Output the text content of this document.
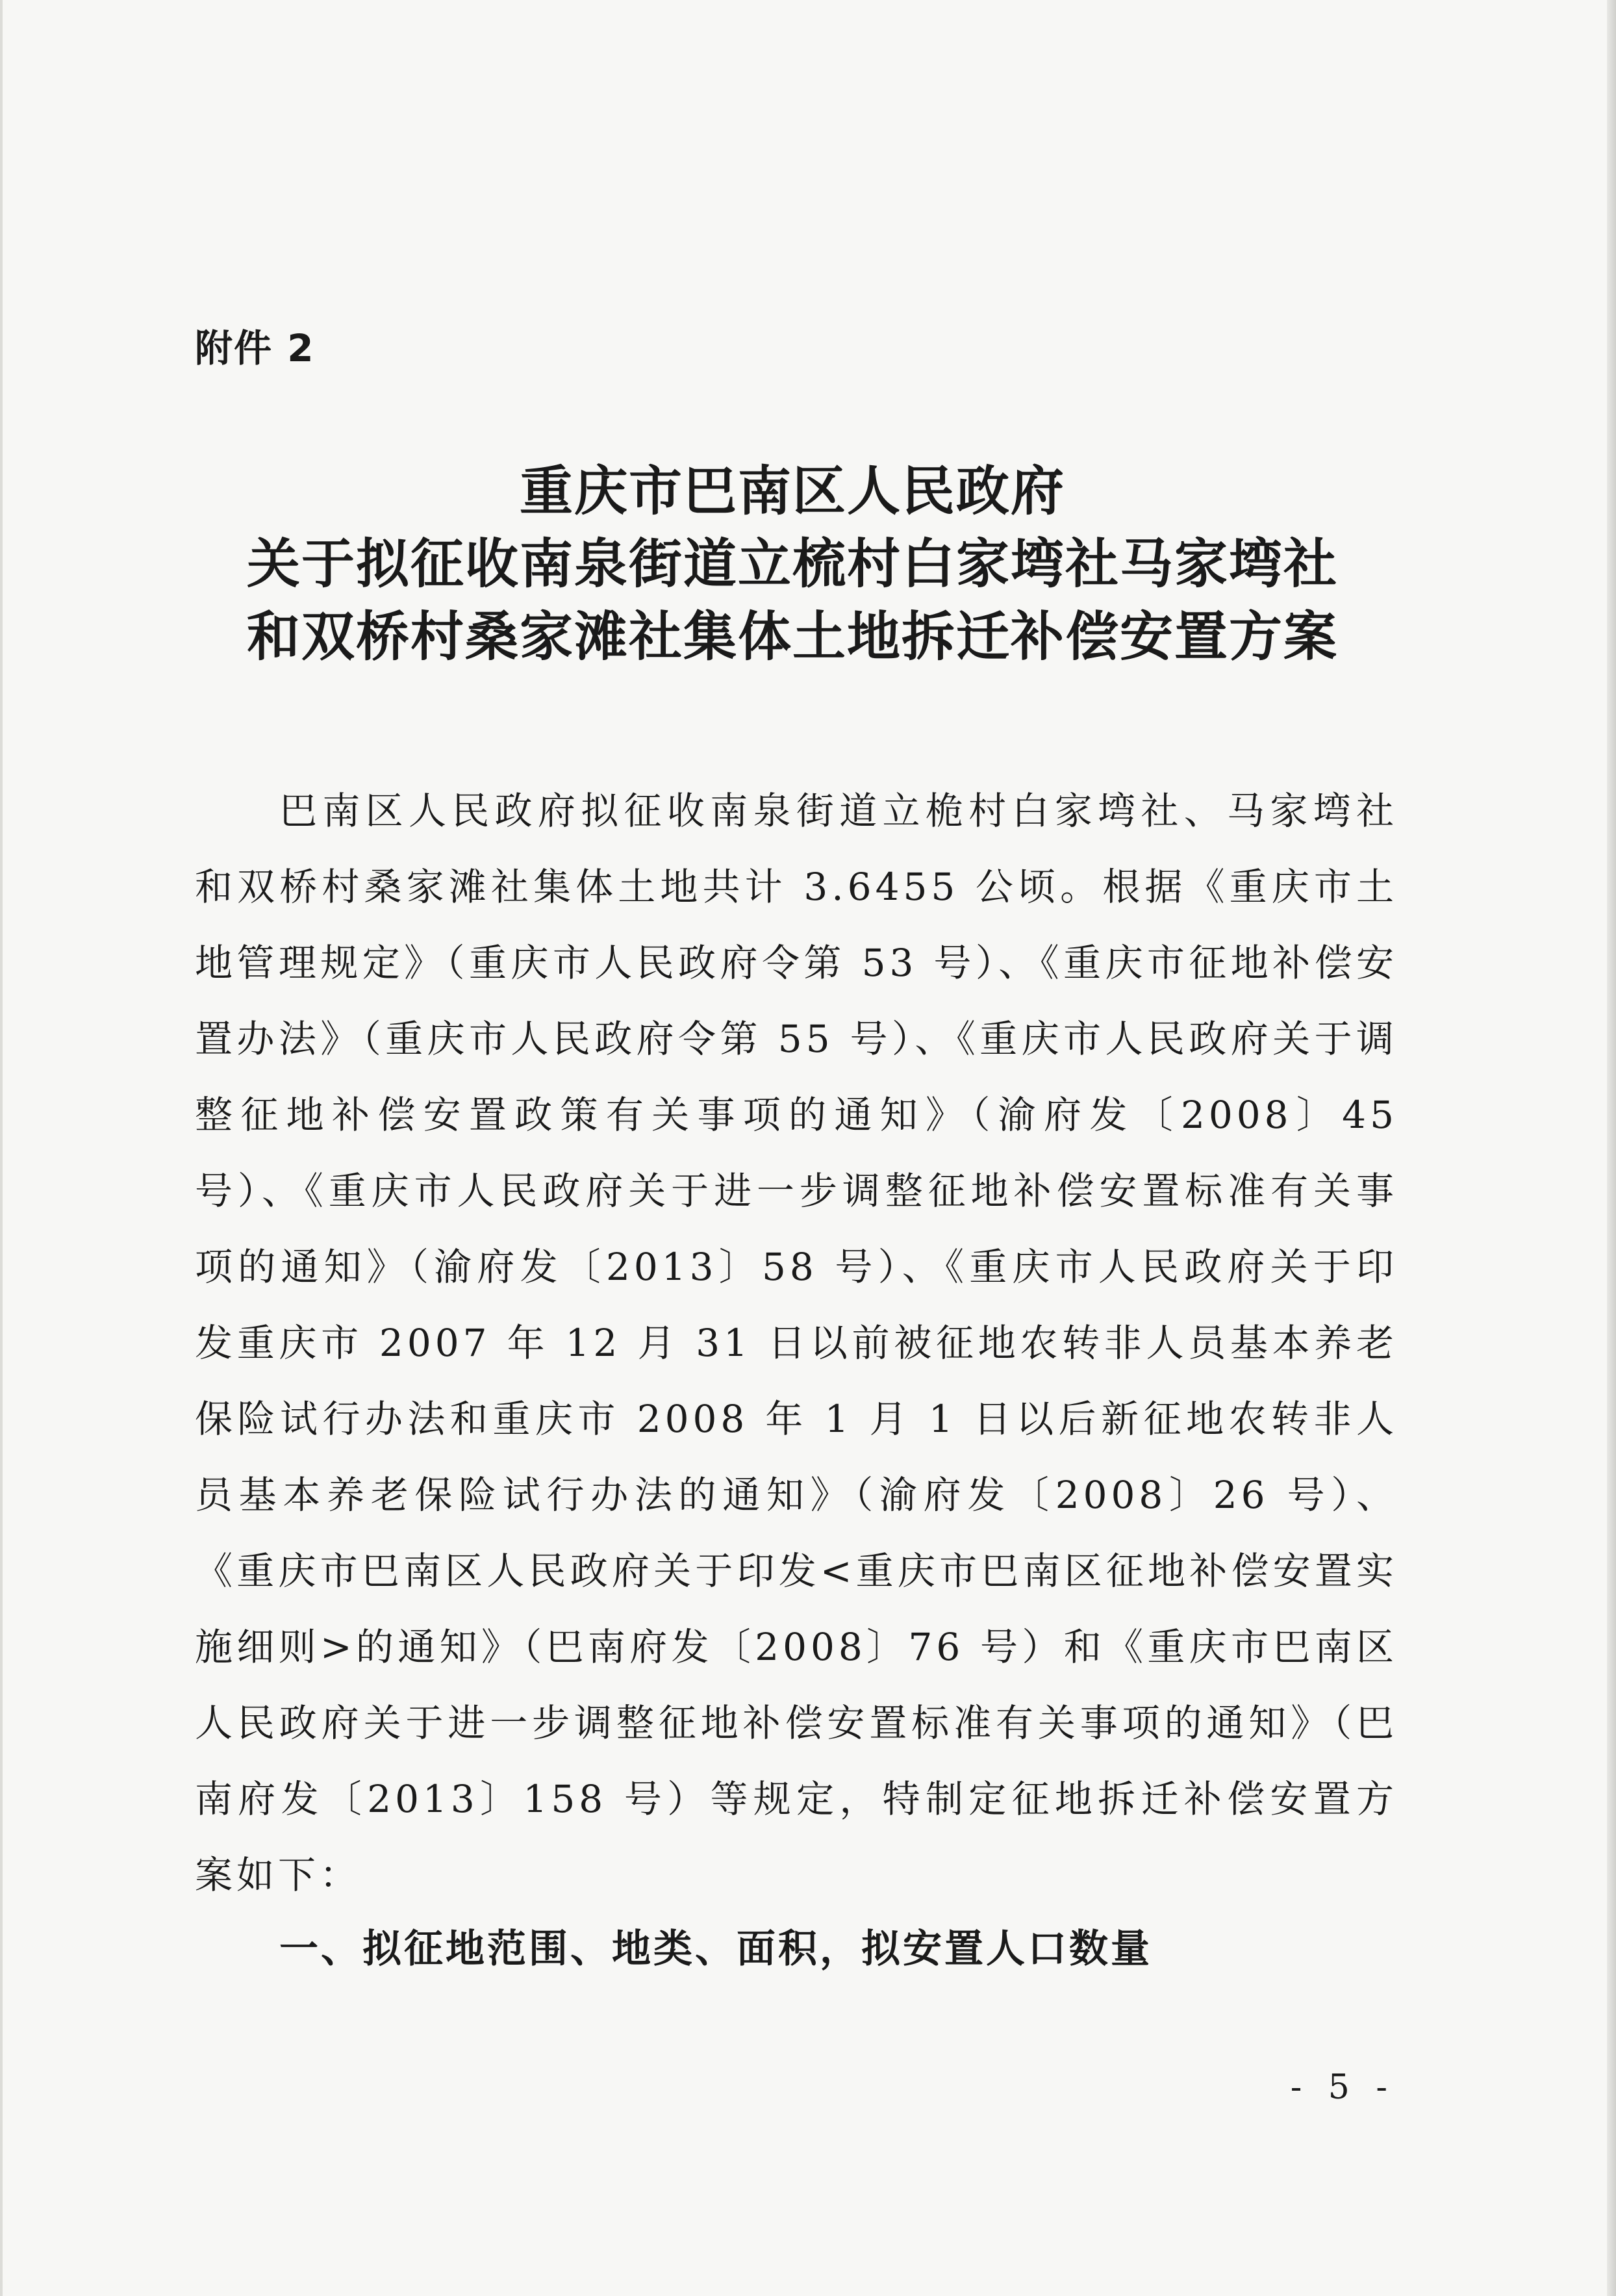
附件 2
重庆市巴南区人民政府
关于拟征收南泉街道立梳村白家塆社马家塆社
和双桥村桑家滩社集体土地拆迁补偿安置方案
巴南区人民政府拟征收南泉街道立桅村白家塆社、马家塆社和双桥村桑家滩社集体土地共计 3.6455 公顷。根据《重庆市土地管理规定》（重庆市人民政府令第 53 号）、《重庆市征地补偿安置办法》（重庆市人民政府令第 55 号）、《重庆市人民政府关于调整征地补偿安置政策有关事项的通知》（渝府发〔2008〕45 号）、《重庆市人民政府关于进一步调整征地补偿安置标准有关事项的通知》（渝府发〔2013〕58 号）、《重庆市人民政府关于印发重庆市 2007 年 12 月 31 日以前被征地农转非人员基本养老保险试行办法和重庆市 2008 年 1 月 1 日以后新征地农转非人员基本养老保险试行办法的通知》（渝府发〔2008〕26 号）、《重庆市巴南区人民政府关于印发<重庆市巴南区征地补偿安置实施细则>的通知》（巴南府发〔2008〕76 号）和《重庆市巴南区人民政府关于进一步调整征地补偿安置标准有关事项的通知》（巴南府发〔2013〕158 号）等规定，特制定征地拆迁补偿安置方案如下：
一、拟征地范围、地类、面积，拟安置人口数量
- 5 -
